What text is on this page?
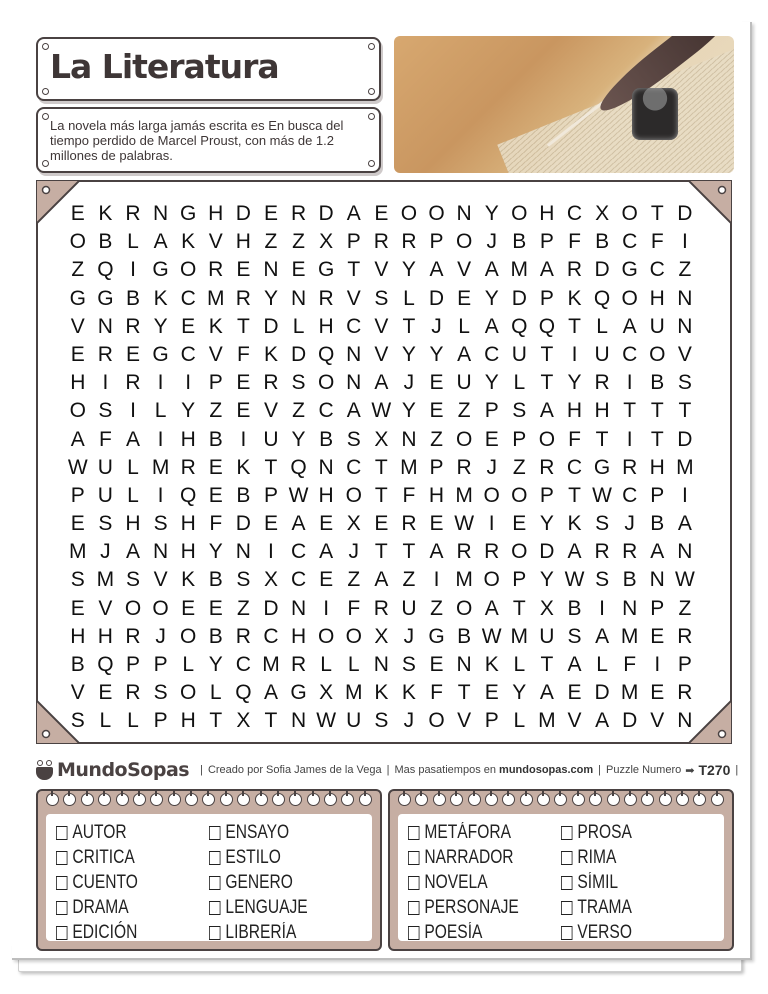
La Literatura

La novela más larga jamás escrita es En busca del tiempo perdido de Marcel Proust, con más de 1.2 millones de palabras.

E K R N G H D E R D A E O O N Y O H C X O T D
O B L A K V H Z Z X P R R P O J B P F B C F I
Z Q I G O R E N E G T V Y A V A M A R D G C Z
G G B K C M R Y N R V S L D E Y D P K Q O H N
V N R Y E K T D L H C V T J L A Q Q T L A U N
E R E G C V F K D Q N V Y Y A C U T I U C O V
H I R I	I P E R S O N A J E U Y L T Y R I B S
O S I L Y Z E V Z C A W Y E Z P S A H H T T T
A F A I H B I U Y B S X N Z O E P O F T I T D
W U L M R E K T Q N C T M P R J Z R C G R H M
P U L I Q E B P W H O T F H M O O P T W C P I
E S H S H F D E A E X E R E W I E Y K S J B A
M J A N H Y N I C A J T T A R R O D A R R A N
S M S V K B S X C E Z A Z I M O P Y W S B N W
E V O O E E Z D N I F R U Z O A T X B I N P Z
H H R J O B R C H O O X J G B W M U S A M E R
B Q P P L Y C M R L L N S E N K L T A L F I P
V E R S O L Q A G X M K K F T E Y A E D M E R
S L L P H T X T N W U S J O V P L M V A D V N
MundoSopas | Creado por Sofia James de la Vega | Mas pasatiempos en
mundosopas.com | Puzzle Numero ➡ T270 |
AUTOR	ENSAYO
CRITICA	ESTILO
CUENTO	GENERO
DRAMA	LENGUAJE
EDICIÓN	LIBRERÍA
METÁFORA	PROSA
NARRADOR	RIMA
NOVELA	SÍMIL
PERSONAJE	TRAMA
POESÍA	VERSO
